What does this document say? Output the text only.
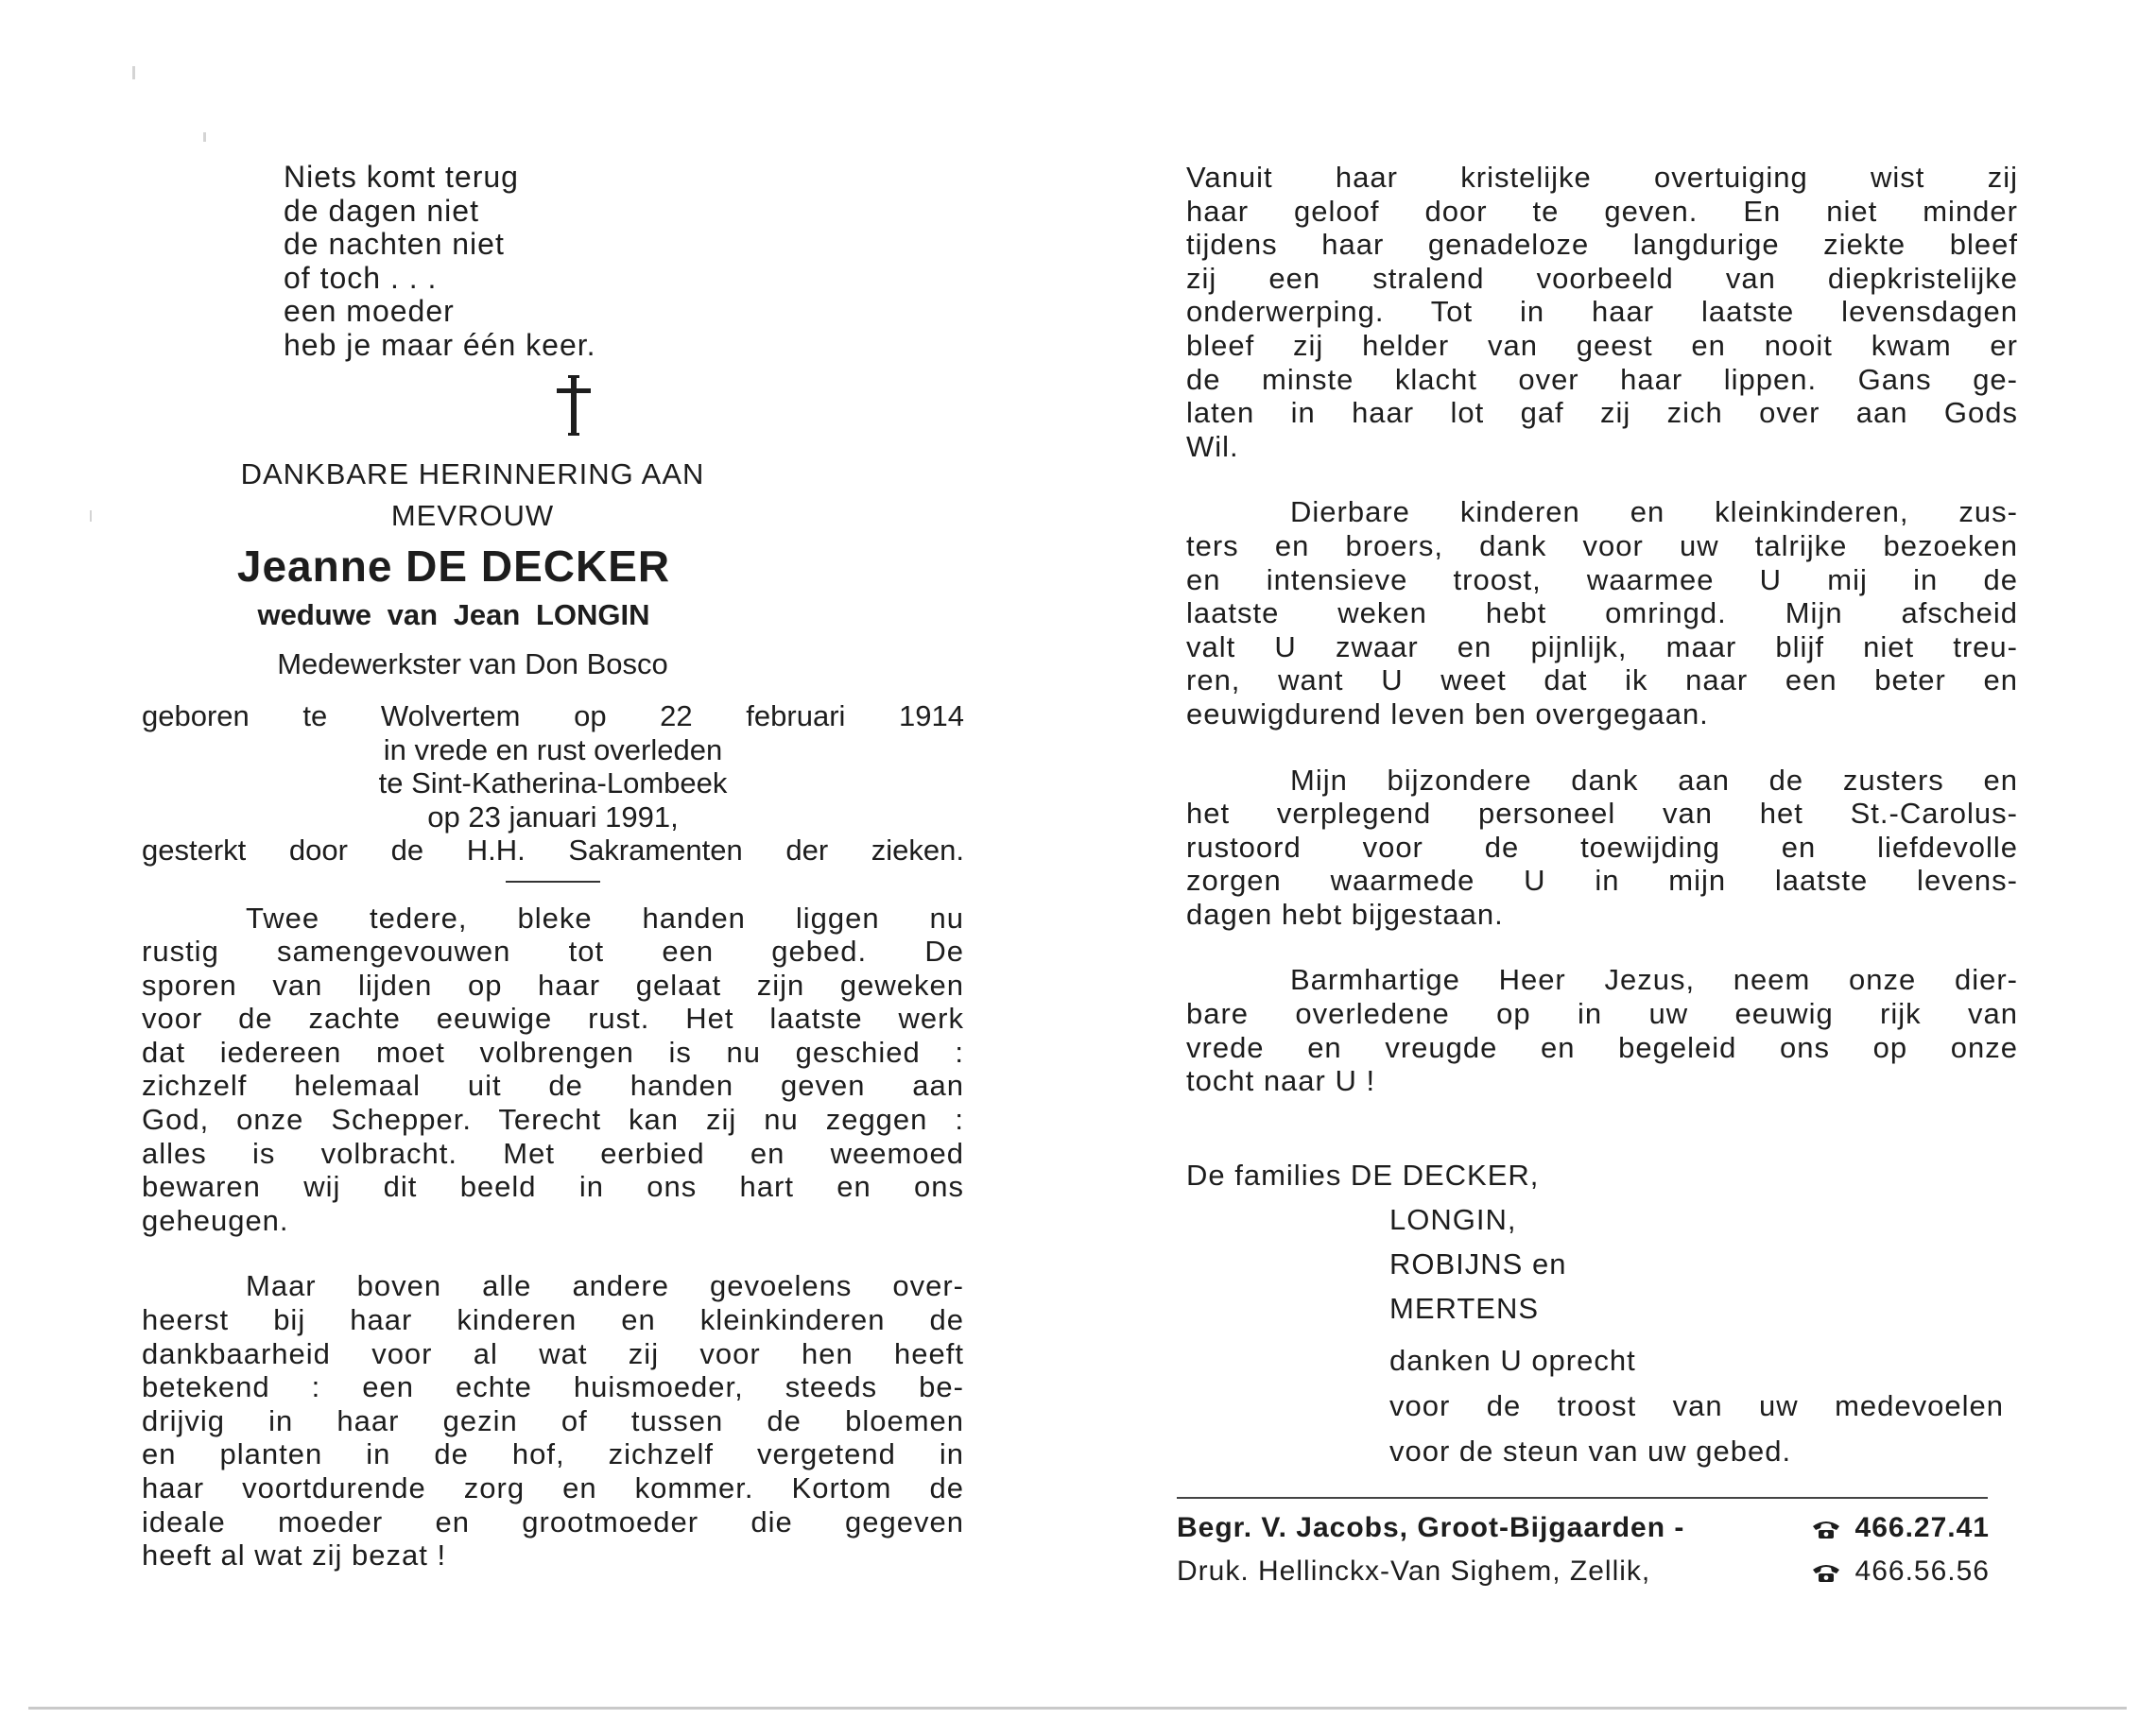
Niets komt terug
de dagen niet
de nachten niet
of toch . . .
een moeder
heb je maar één keer.
DANKBARE HERINNERING AAN
MEVROUW
Jeanne DE DECKER
weduwe van Jean LONGIN
Medewerkster van Don Bosco
geboren te Wolvertem op 22 februari 1914
in vrede en rust overleden
te Sint-Katherina-Lombeek
op 23 januari 1991,
gesterkt door de H.H. Sakramenten der zieken.
Twee tedere, bleke handen liggen nu
rustig samengevouwen tot een gebed. De
sporen van lijden op haar gelaat zijn geweken
voor de zachte eeuwige rust. Het laatste werk
dat iedereen moet volbrengen is nu geschied :
zichzelf helemaal uit de handen geven aan
God, onze Schepper. Terecht kan zij nu zeggen :
alles is volbracht. Met eerbied en weemoed
bewaren wij dit beeld in ons hart en ons
geheugen.
Maar boven alle andere gevoelens over-
heerst bij haar kinderen en kleinkinderen de
dankbaarheid voor al wat zij voor hen heeft
betekend : een echte huismoeder, steeds be-
drijvig in haar gezin of tussen de bloemen
en planten in de hof, zichzelf vergetend in
haar voortdurende zorg en kommer. Kortom de
ideale moeder en grootmoeder die gegeven
heeft al wat zij bezat !
Vanuit haar kristelijke overtuiging wist zij
haar geloof door te geven. En niet minder
tijdens haar genadeloze langdurige ziekte bleef
zij een stralend voorbeeld van diepkristelijke
onderwerping. Tot in haar laatste levensdagen
bleef zij helder van geest en nooit kwam er
de minste klacht over haar lippen. Gans ge-
laten in haar lot gaf zij zich over aan Gods
Wil.
Dierbare kinderen en kleinkinderen, zus-
ters en broers, dank voor uw talrijke bezoeken
en intensieve troost, waarmee U mij in de
laatste weken hebt omringd. Mijn afscheid
valt U zwaar en pijnlijk, maar blijf niet treu-
ren, want U weet dat ik naar een beter en
eeuwigdurend leven ben overgegaan.
Mijn bijzondere dank aan de zusters en
het verplegend personeel van het St.-Carolus-
rustoord voor de toewijding en liefdevolle
zorgen waarmede U in mijn laatste levens-
dagen hebt bijgestaan.
Barmhartige Heer Jezus, neem onze dier-
bare overledene op in uw eeuwig rijk van
vrede en vreugde en begeleid ons op onze
tocht naar U !
De families DE DECKER,
LONGIN,
ROBIJNS en
MERTENS
danken U oprecht
voor de troost van uw medevoelen
voor de steun van uw gebed.
Begr. V. Jacobs, Groot-Bijgaarden -	466.27.41
Druk. Hellinckx-Van Sighem, Zellik,	466.56.56
